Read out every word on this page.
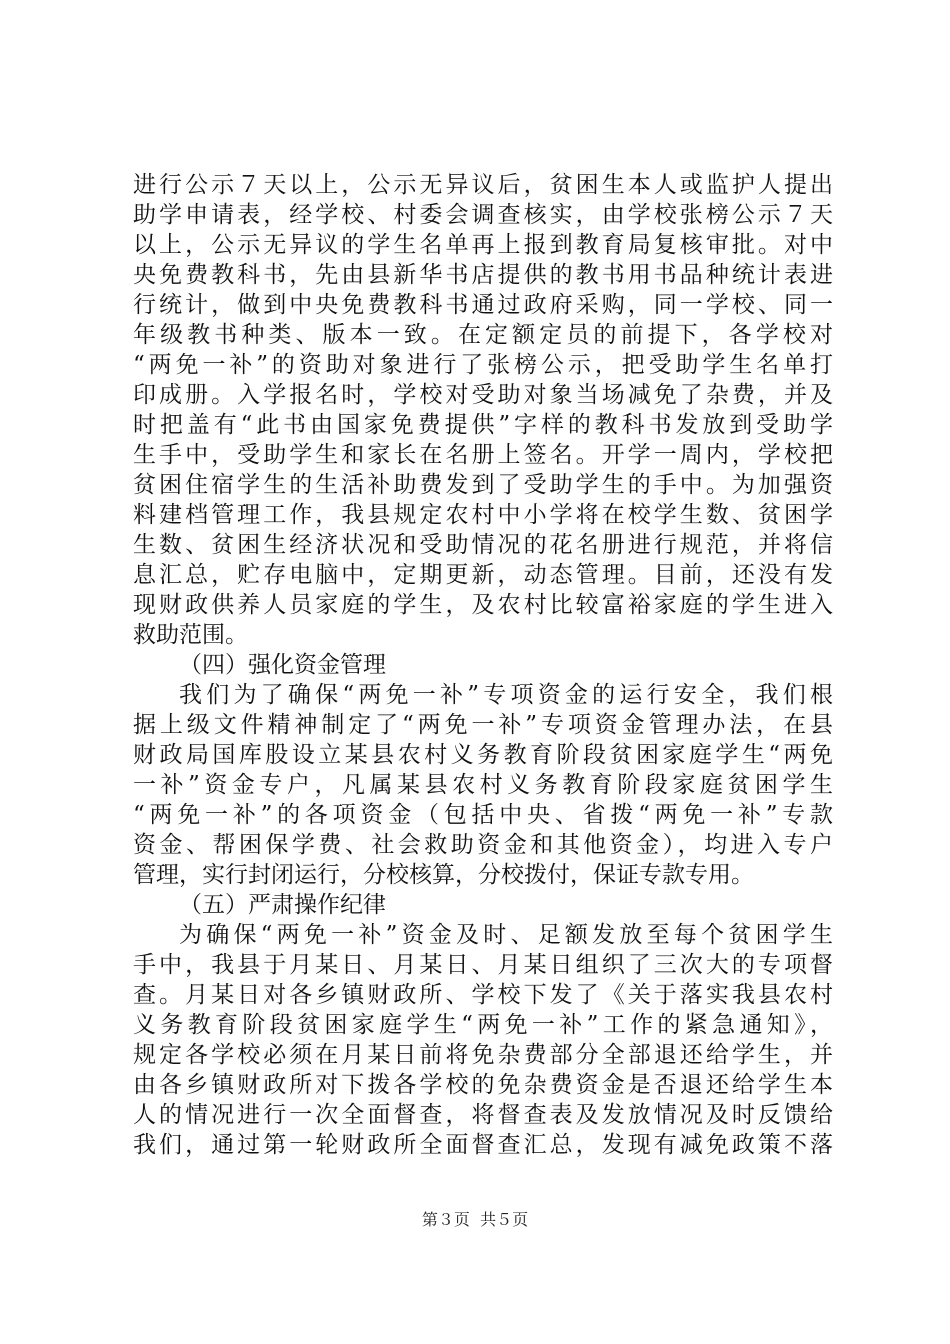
进行公示７天以上，公示无异议后，贫困生本人或监护人提出
助学申请表，经学校、村委会调查核实，由学校张榜公示７天
以上，公示无异议的学生名单再上报到教育局复核审批。对中
央免费教科书，先由县新华书店提供的教书用书品种统计表进
行统计，做到中央免费教科书通过政府采购，同一学校、同一
年级教书种类、版本一致。在定额定员的前提下，各学校对
“两免一补”的资助对象进行了张榜公示，把受助学生名单打
印成册。入学报名时，学校对受助对象当场减免了杂费，并及
时把盖有“此书由国家免费提供”字样的教科书发放到受助学
生手中，受助学生和家长在名册上签名。开学一周内，学校把
贫困住宿学生的生活补助费发到了受助学生的手中。为加强资
料建档管理工作，我县规定农村中小学将在校学生数、贫困学
生数、贫困生经济状况和受助情况的花名册进行规范，并将信
息汇总，贮存电脑中，定期更新，动态管理。目前，还没有发
现财政供养人员家庭的学生，及农村比较富裕家庭的学生进入
救助范围。
（四）强化资金管理
我们为了确保“两免一补”专项资金的运行安全，我们根
据上级文件精神制定了“两免一补”专项资金管理办法，在县
财政局国库股设立某县农村义务教育阶段贫困家庭学生“两免
一补”资金专户，凡属某县农村义务教育阶段家庭贫困学生
“两免一补”的各项资金（包括中央、省拨“两免一补”专款
资金、帮困保学费、社会救助资金和其他资金），均进入专户
管理，实行封闭运行，分校核算，分校拨付，保证专款专用。
（五）严肃操作纪律
为确保“两免一补”资金及时、足额发放至每个贫困学生
手中，我县于月某日、月某日、月某日组织了三次大的专项督
查。月某日对各乡镇财政所、学校下发了《关于落实我县农村
义务教育阶段贫困家庭学生“两免一补”工作的紧急通知》，
规定各学校必须在月某日前将免杂费部分全部退还给学生，并
由各乡镇财政所对下拨各学校的免杂费资金是否退还给学生本
人的情况进行一次全面督查，将督查表及发放情况及时反馈给
我们，通过第一轮财政所全面督查汇总，发现有减免政策不落
第３页  共５页
